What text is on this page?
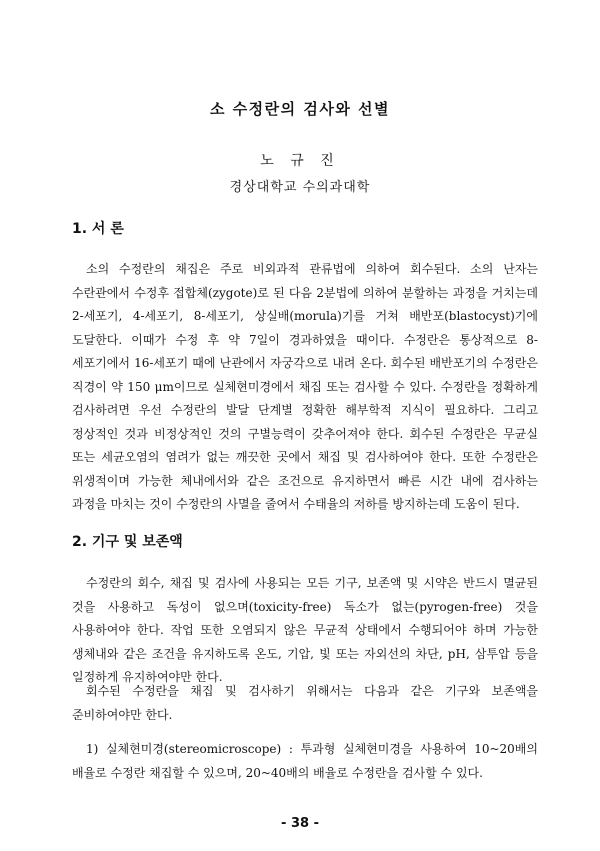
소 수정란의 검사와 선별
노 규 진
경상대학교 수의과대학
1. 서 론

소의 수정란의 채집은 주로 비외과적 관류법에 의하여 회수된다. 소의 난자는 수란관에서 수정후 접합체(zygote)로 된 다음 2분법에 의하여 분할하는 과정을 거치는데 2-세포기, 4-세포기, 8-세포기, 상실배(morula)기를 거쳐 배반포(blastocyst)기에 도달한다. 이때가 수정 후 약 7일이 경과하였을 때이다. 수정란은 통상적으로 8-세포기에서 16-세포기 때에 난관에서 자궁각으로 내려 온다. 회수된 배반포기의 수정란은 직경이 약 150 μm이므로 실체현미경에서 채집 또는 검사할 수 있다. 수정란을 정확하게 검사하려면 우선 수정란의 발달 단계별 정확한 해부학적 지식이 필요하다. 그리고 정상적인 것과 비정상적인 것의 구별능력이 갖추어져야 한다. 회수된 수정란은 무균실 또는 세균오염의 염려가 없는 깨끗한 곳에서 채집 및 검사하여야 한다. 또한 수정란은 위생적이며 가능한 체내에서와 같은 조건으로 유지하면서 빠른 시간 내에 검사하는 과정을 마치는 것이 수정란의 사멸을 줄여서 수태율의 저하를 방지하는데 도움이 된다.

2. 기구 및 보존액

수정란의 회수, 채집 및 검사에 사용되는 모든 기구, 보존액 및 시약은 반드시 멸균된 것을 사용하고 독성이 없으며(toxicity-free) 독소가 없는(pyrogen-free) 것을 사용하여야 한다. 작업 또한 오염되지 않은 무균적 상태에서 수행되어야 하며 가능한 생체내와 같은 조건을 유지하도록 온도, 기압, 빛 또는 자외선의 차단, pH, 삼투압 등을 일정하게 유지하여야만 한다.

회수된 수정란을 채집 및 검사하기 위해서는 다음과 같은 기구와 보존액을 준비하여야만 한다.

1) 실체현미경(stereomicroscope) : 투과형 실체현미경을 사용하여 10~20배의 배율로 수정란 채집할 수 있으며, 20~40배의 배율로 수정란을 검사할 수 있다.

- 38 -
